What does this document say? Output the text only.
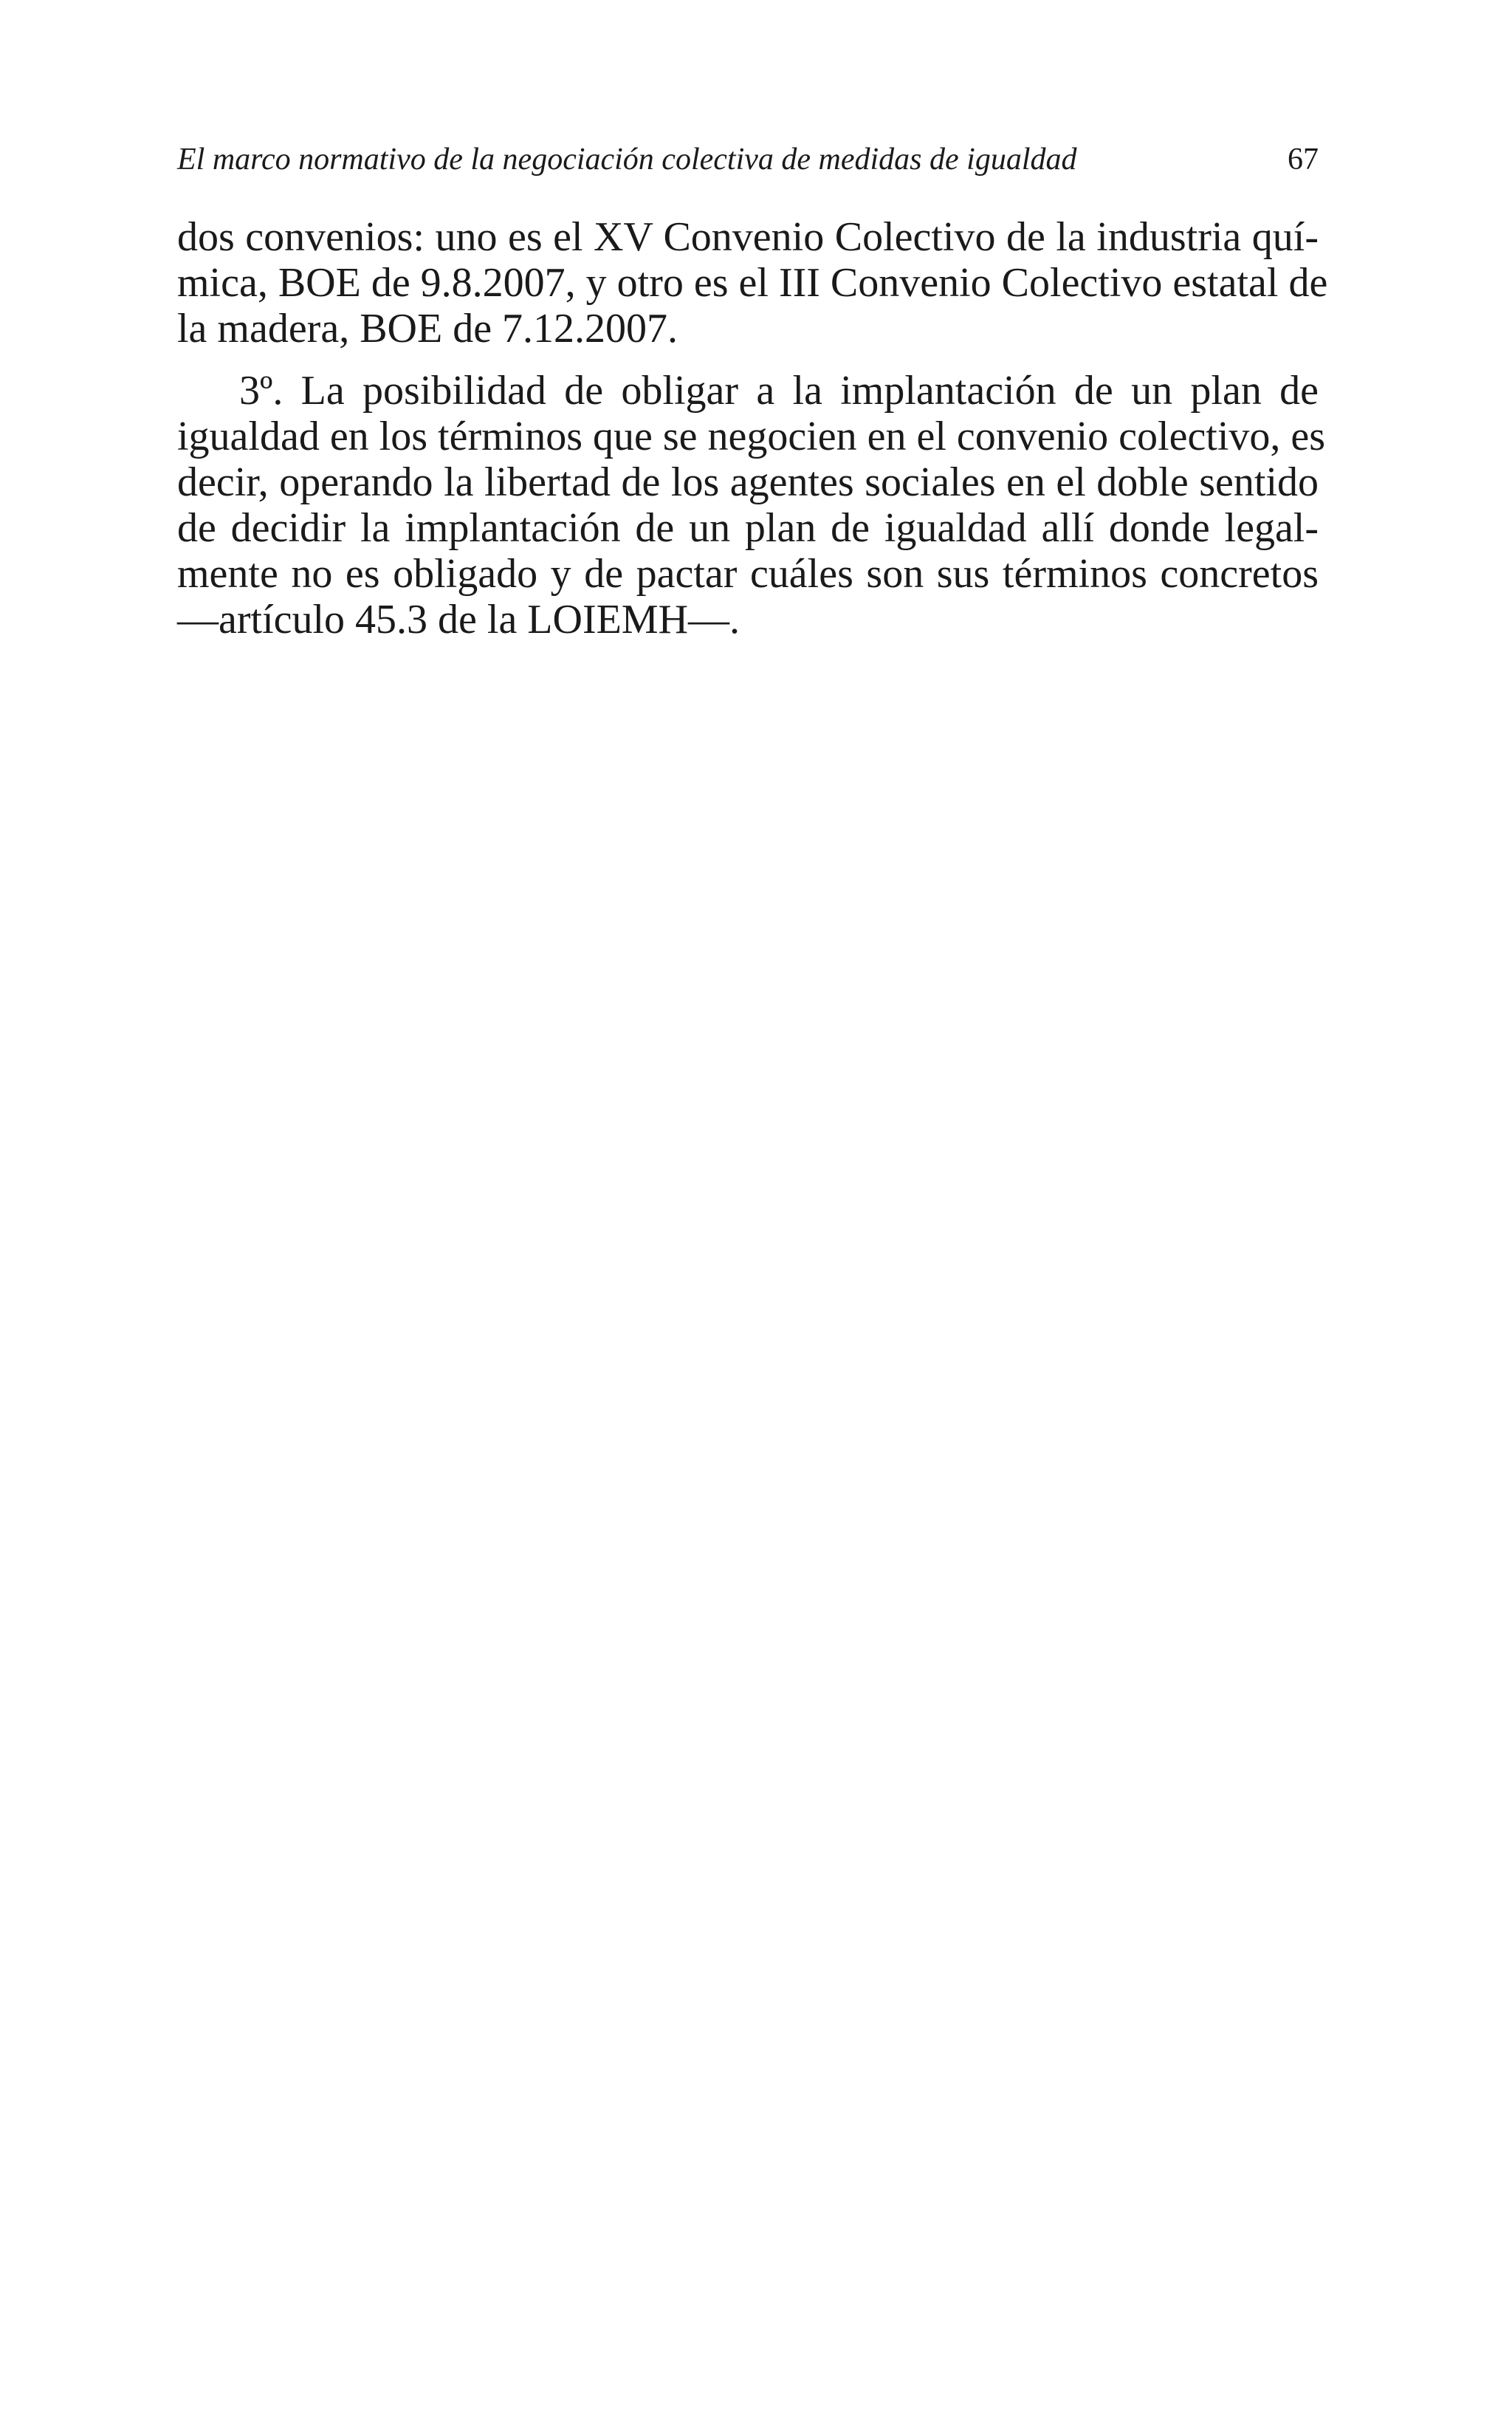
El marco normativo de la negociación colectiva de medidas de igualdad	67

dos convenios: uno es el XV Convenio Colectivo de la industria quí-
mica, BOE de 9.8.2007, y otro es el III Convenio Colectivo estatal de
la madera, BOE de 7.12.2007.

3º. La posibilidad de obligar a la implantación de un plan de
igualdad en los términos que se negocien en el convenio colectivo, es
decir, operando la libertad de los agentes sociales en el doble sentido
de decidir la implantación de un plan de igualdad allí donde legal-
mente no es obligado y de pactar cuáles son sus términos concretos
—artículo 45.3 de la LOIEMH—.
